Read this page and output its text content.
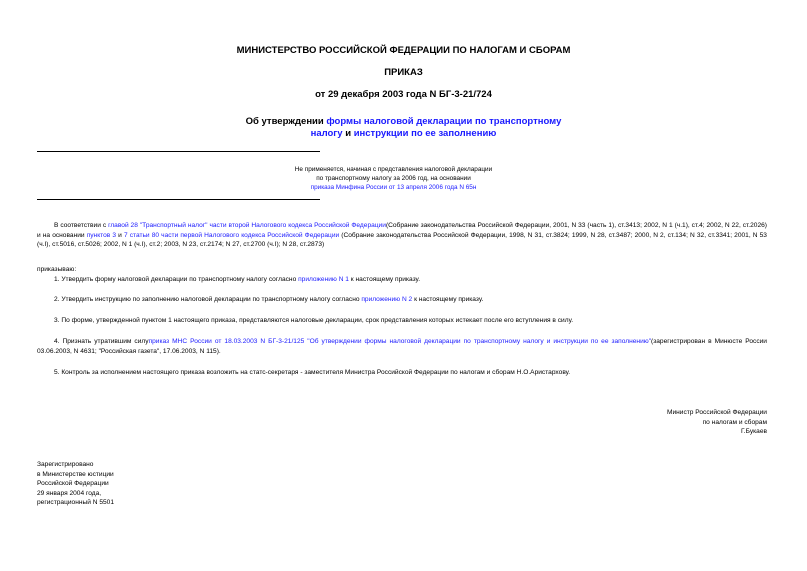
МИНИСТЕРСТВО РОССИЙСКОЙ ФЕДЕРАЦИИ ПО НАЛОГАМ И СБОРАМ
ПРИКАЗ
от 29 декабря 2003 года N БГ-3-21/724
Об утверждении формы налоговой декларации по транспортному
налогу и инструкции по ее заполнению
Не применяется, начиная с представления налоговой декларации
по транспортному налогу за 2006 год, на основании
приказа Минфина России от 13 апреля 2006 года N 65н
В соответствии с главой 28 "Транспортный налог" части второй Налогового кодекса Российской Федерации(Собрание законодательства Российской Федерации, 2001, N 33 (часть 1), ст.3413; 2002, N 1 (ч.1), ст.4; 2002, N 22, ст.2026) и на основании пунктов 3 и 7 статьи 80 части первой Налогового кодекса Российской Федерации (Собрание законодательства Российской Федерации, 1998, N 31, ст.3824; 1999, N 28, ст.3487; 2000, N 2, ст.134; N 32, ст.3341; 2001, N 53 (ч.I), ст.5016, ст.5026; 2002, N 1 (ч.I), ст.2; 2003, N 23, ст.2174; N 27, ст.2700 (ч.I); N 28, ст.2873)
приказываю:
1. Утвердить форму налоговой декларации по транспортному налогу согласно приложению N 1 к настоящему приказу.
2. Утвердить инструкцию по заполнению налоговой декларации по транспортному налогу согласно приложению N 2 к настоящему приказу.
3. По форме, утвержденной пунктом 1 настоящего приказа, представляются налоговые декларации, срок представления которых истекает после его вступления в силу.
4. Признать утратившим силуприказ МНС России от 18.03.2003 N БГ-3-21/125 "Об утверждении формы налоговой декларации по транспортному налогу и инструкции по ее заполнению"(зарегистрирован в Минюсте России 03.06.2003, N 4631; "Российская газета", 17.06.2003, N 115).
5. Контроль за исполнением настоящего приказа возложить на статс-секретаря - заместителя Министра Российской Федерации по налогам и сборам Н.О.Аристархову.
Министр Российской Федерации
по налогам и сборам
Г.Букаев
Зарегистрировано
в Министерстве юстиции
Российской Федерации
29 января 2004 года,
регистрационный N 5501
